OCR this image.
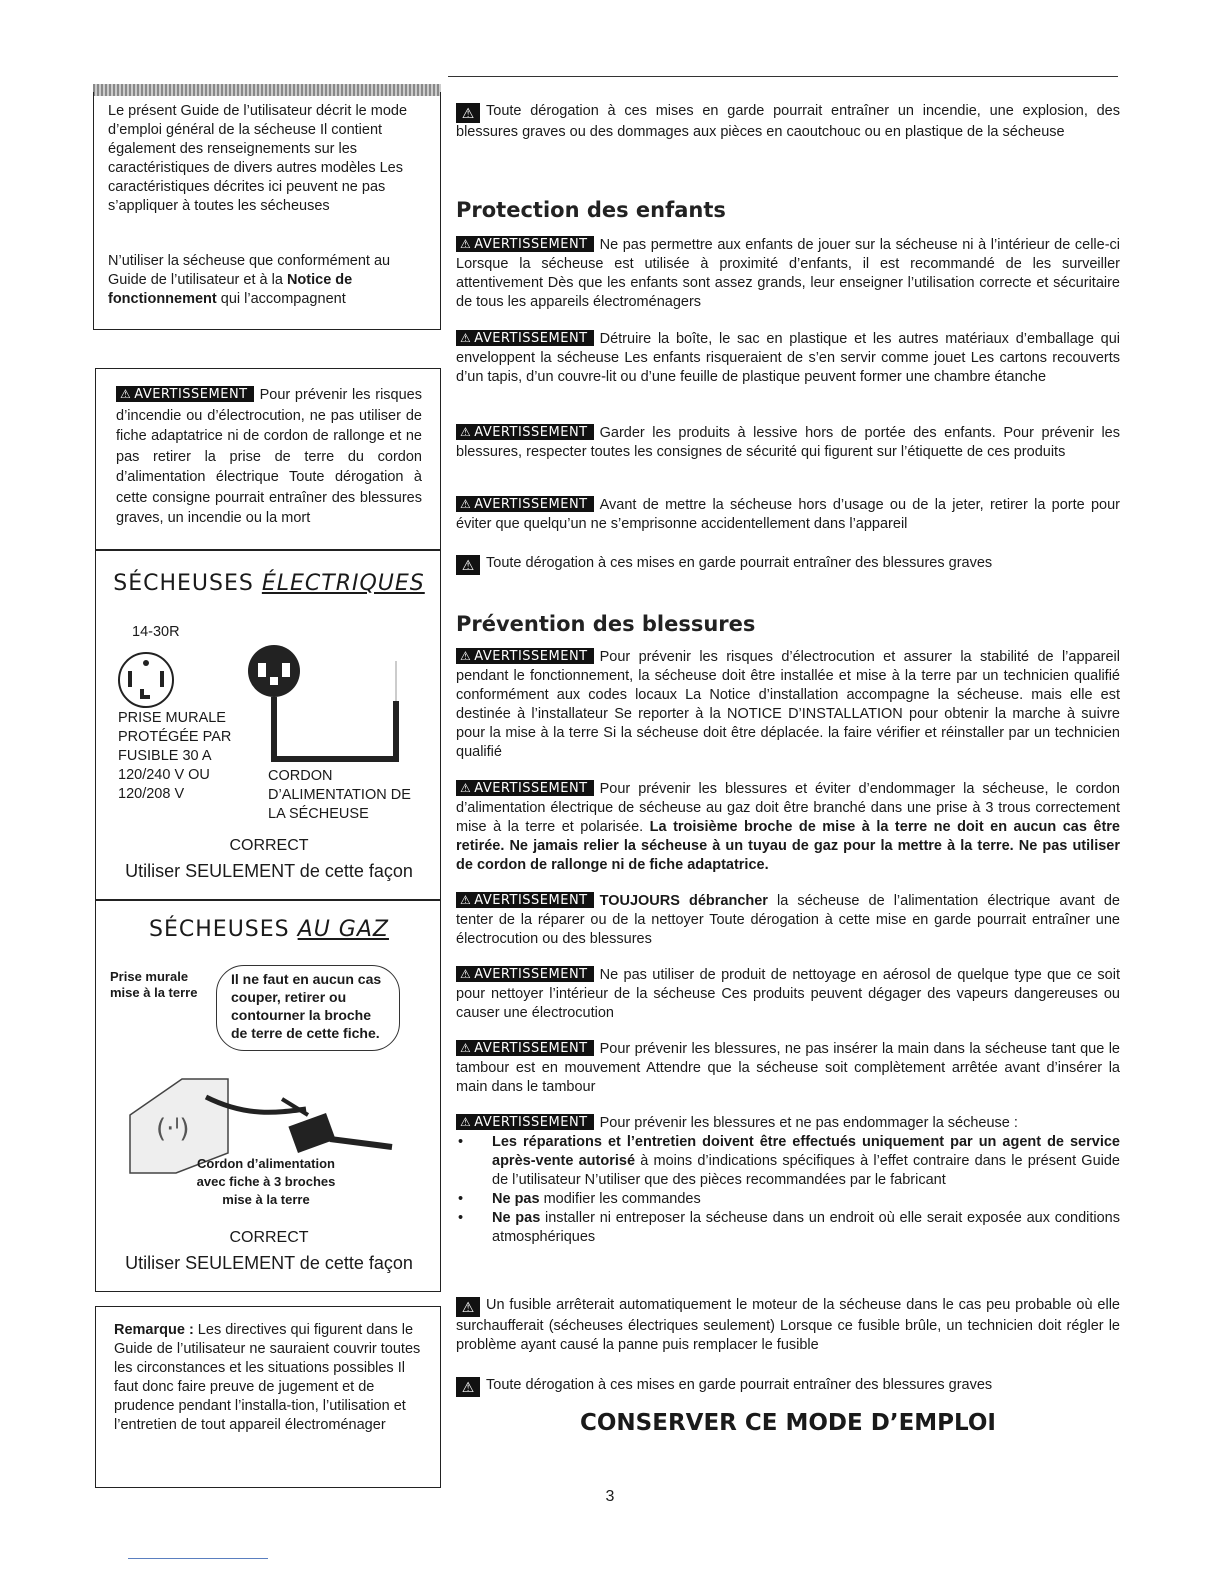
Le présent Guide de l’utilisateur décrit le mode d’emploi général de la sécheuse Il contient également des renseignements sur les caractéristiques de divers autres modèles Les caractéristiques décrites ici peuvent ne pas s’appliquer à toutes les sécheuses

N’utiliser la sécheuse que conformément au Guide de l’utilisateur et à la Notice de fonctionnement qui l’accompagnent

⚠ AVERTISSEMENT Pour prévenir les risques d’incendie ou d’électrocution, ne pas utiliser de fiche adaptatrice ni de cordon de rallonge et ne pas retirer la prise de terre du cordon d’alimentation électrique Toute dérogation à cette consigne pourrait entraîner des blessures graves, un incendie ou la mort

SÉCHEUSES ÉLECTRIQUES
14-30R
PRISE MURALE PROTÉGÉE PAR FUSIBLE 30 A 120/240 V OU 120/208 V
CORDON D’ALIMENTATION DE LA SÉCHEUSE
CORRECT
Utiliser SEULEMENT de cette façon
SÉCHEUSES AU GAZ
Prise murale mise à la terre
Il ne faut en aucun cas couper, retirer ou contourner la broche de terre de cette fiche.
(·ᑊ)
Cordon d’alimentation avec fiche à 3 broches mise à la terre
CORRECT
Utiliser SEULEMENT de cette façon

Remarque : Les directives qui figurent dans le Guide de l’utilisateur ne sauraient couvrir toutes les circonstances et les situations possibles Il faut donc faire preuve de jugement et de prudence pendant l’installa-tion, l’utilisation et l’entretien de tout appareil électroménager

⚠ Toute dérogation à ces mises en garde pourrait entraîner un incendie, une explosion, des blessures graves ou des dommages aux pièces en caoutchouc ou en plastique de la sécheuse

Protection des enfants

⚠ AVERTISSEMENT Ne pas permettre aux enfants de jouer sur la sécheuse ni à l’intérieur de celle-ci Lorsque la sécheuse est utilisée à proximité d’enfants, il est recommandé de les surveiller attentivement Dès que les enfants sont assez grands, leur enseigner l’utilisation correcte et sécuritaire de tous les appareils électroménagers

⚠ AVERTISSEMENT Détruire la boîte, le sac en plastique et les autres matériaux d’emballage qui enveloppent la sécheuse Les enfants risqueraient de s’en servir comme jouet Les cartons recouverts d’un tapis, d’un couvre-lit ou d’une feuille de plastique peuvent former une chambre étanche

⚠ AVERTISSEMENT Garder les produits à lessive hors de portée des enfants. Pour prévenir les blessures, respecter toutes les consignes de sécurité qui figurent sur l’étiquette de ces produits

⚠ AVERTISSEMENT Avant de mettre la sécheuse hors d’usage ou de la jeter, retirer la porte pour éviter que quelqu’un ne s’emprisonne accidentellement dans l’appareil

⚠ Toute dérogation à ces mises en garde pourrait entraîner des blessures graves

Prévention des blessures

⚠ AVERTISSEMENT Pour prévenir les risques d’électrocution et assurer la stabilité de l’appareil pendant le fonctionnement, la sécheuse doit être installée et mise à la terre par un technicien qualifié conformément aux codes locaux La Notice d’installation accompagne la sécheuse. mais elle est destinée à l’installateur Se reporter à la NOTICE D’INSTALLATION pour obtenir la marche à suivre pour la mise à la terre Si la sécheuse doit être déplacée. la faire vérifier et réinstaller par un technicien qualifié

⚠ AVERTISSEMENT Pour prévenir les blessures et éviter d’endommager la sécheuse, le cordon d’alimentation électrique de sécheuse au gaz doit être branché dans une prise à 3 trous correctement mise à la terre et polarisée. La troisième broche de mise à la terre ne doit en aucun cas être retirée. Ne jamais relier la sécheuse à un tuyau de gaz pour la mettre à la terre. Ne pas utiliser de cordon de rallonge ni de fiche adaptatrice.

⚠ AVERTISSEMENT TOUJOURS débrancher la sécheuse de l’alimentation électrique avant de tenter de la réparer ou de la nettoyer Toute dérogation à cette mise en garde pourrait entraîner une électrocution ou des blessures

⚠ AVERTISSEMENT Ne pas utiliser de produit de nettoyage en aérosol de quelque type que ce soit pour nettoyer l’intérieur de la sécheuse Ces produits peuvent dégager des vapeurs dangereuses ou causer une électrocution

⚠ AVERTISSEMENT Pour prévenir les blessures, ne pas insérer la main dans la sécheuse tant que le tambour est en mouvement Attendre que la sécheuse soit complètement arrêtée avant d’insérer la main dans le tambour

⚠ AVERTISSEMENT Pour prévenir les blessures et ne pas endommager la sécheuse :

• Les réparations et l’entretien doivent être effectués uniquement par un agent de service après-vente autorisé à moins d’indications spécifiques à l’effet contraire dans le présent Guide de l’utilisateur N’utiliser que des pièces recommandées par le fabricant
• Ne pas modifier les commandes
• Ne pas installer ni entreposer la sécheuse dans un endroit où elle serait exposée aux conditions atmosphériques

⚠ Un fusible arrêterait automatiquement le moteur de la sécheuse dans le cas peu probable où elle surchaufferait (sécheuses électriques seulement) Lorsque ce fusible brûle, un technicien doit régler le problème ayant causé la panne puis remplacer le fusible

⚠ Toute dérogation à ces mises en garde pourrait entraîner des blessures graves

CONSERVER CE MODE D’EMPLOI
3
